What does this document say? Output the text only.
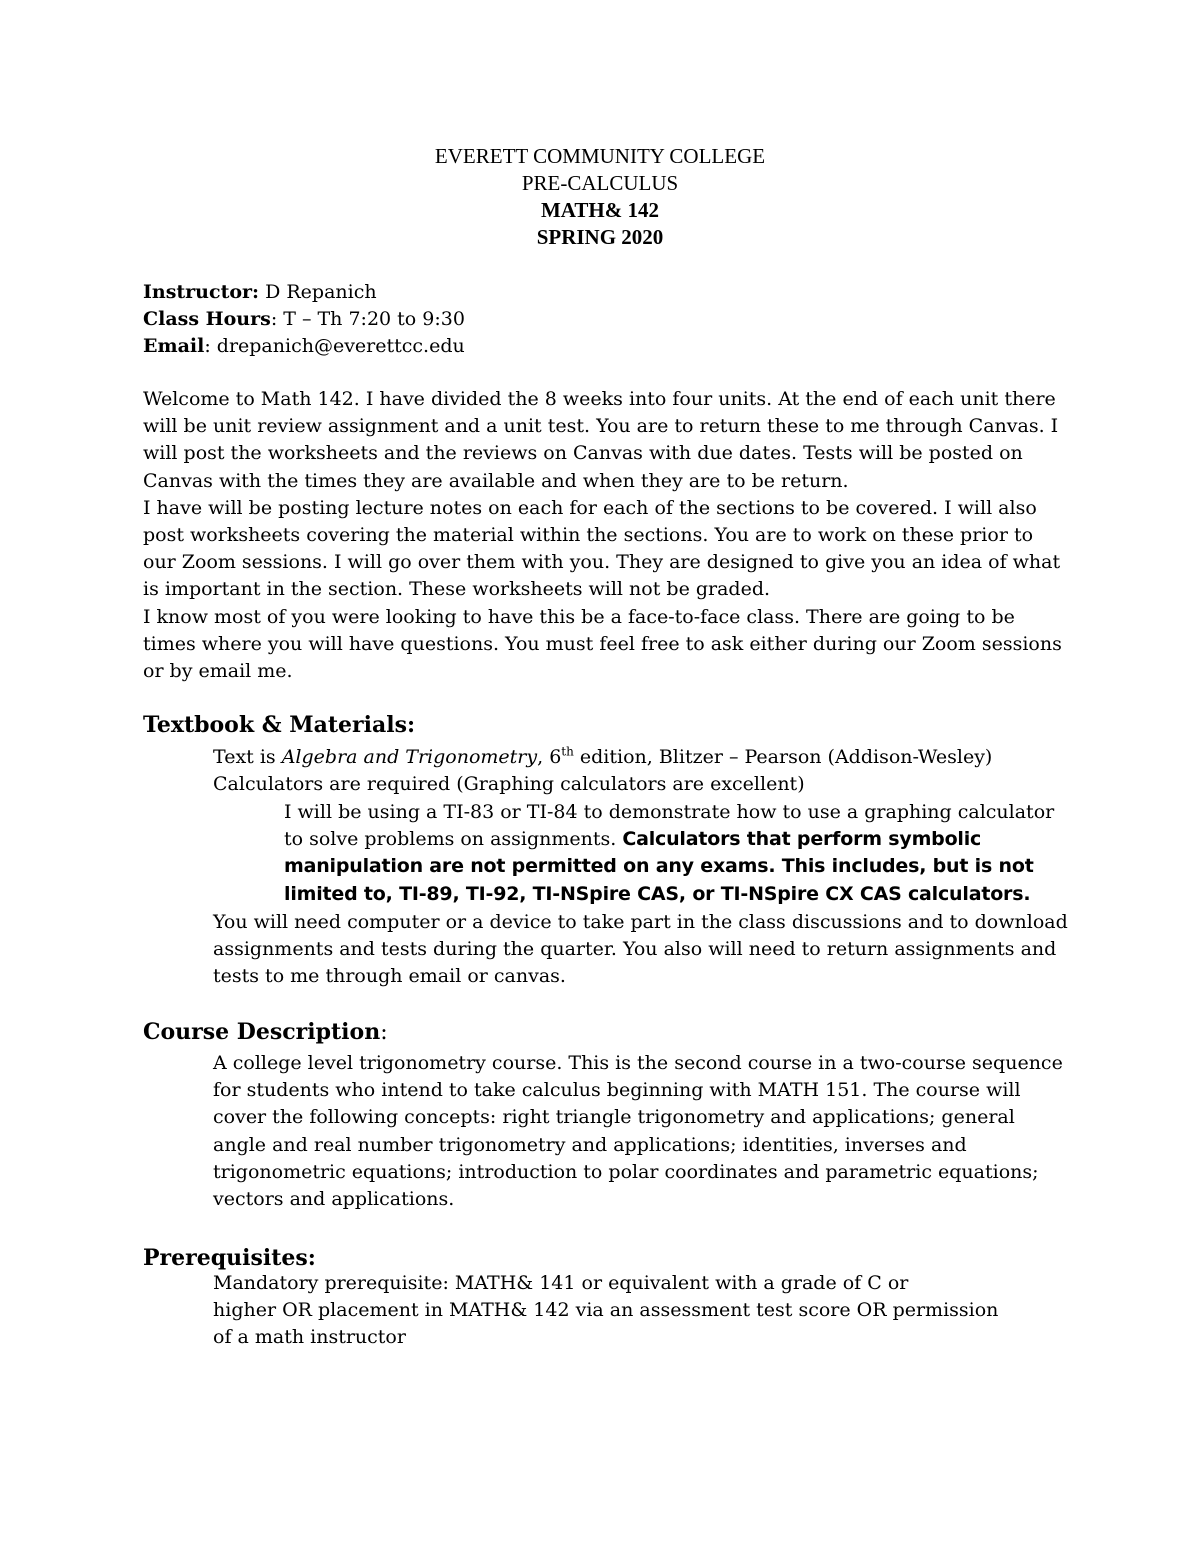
EVERETT COMMUNITY COLLEGE
PRE-CALCULUS
MATH& 142
SPRING 2020
Instructor: D Repanich
Class Hours: T – Th 7:20 to 9:30
Email: drepanich@everettcc.edu

Welcome to Math 142. I have divided the 8 weeks into four units. At the end of each unit there will be unit review assignment and a unit test. You are to return these to me through Canvas. I will post the worksheets and the reviews on Canvas with due dates. Tests will be posted on Canvas with the times they are available and when they are to be return.

I have will be posting lecture notes on each for each of the sections to be covered. I will also post worksheets covering the material within the sections. You are to work on these prior to our Zoom sessions. I will go over them with you. They are designed to give you an idea of what is important in the section. These worksheets will not be graded.

I know most of you were looking to have this be a face-to-face class. There are going to be times where you will have questions. You must feel free to ask either during our Zoom sessions or by email me.

Textbook & Materials:

Text is Algebra and Trigonometry, 6th edition, Blitzer – Pearson (Addison-Wesley)

Calculators are required (Graphing calculators are excellent)

I will be using a TI-83 or TI-84 to demonstrate how to use a graphing calculator to solve problems on assignments. Calculators that perform symbolic manipulation are not permitted on any exams. This includes, but is not limited to, TI-89, TI-92, TI-NSpire CAS, or TI-NSpire CX CAS calculators.

You will need computer or a device to take part in the class discussions and to download assignments and tests during the quarter. You also will need to return assignments and tests to me through email or canvas.

Course Description:

A college level trigonometry course. This is the second course in a two-course sequence for students who intend to take calculus beginning with MATH 151. The course will cover the following concepts: right triangle trigonometry and applications; general angle and real number trigonometry and applications; identities, inverses and trigonometric equations; introduction to polar coordinates and parametric equations; vectors and applications.

Prerequisites:

Mandatory prerequisite: MATH& 141 or equivalent with a grade of C or

higher OR placement in MATH& 142 via an assessment test score OR permission

of a math instructor
